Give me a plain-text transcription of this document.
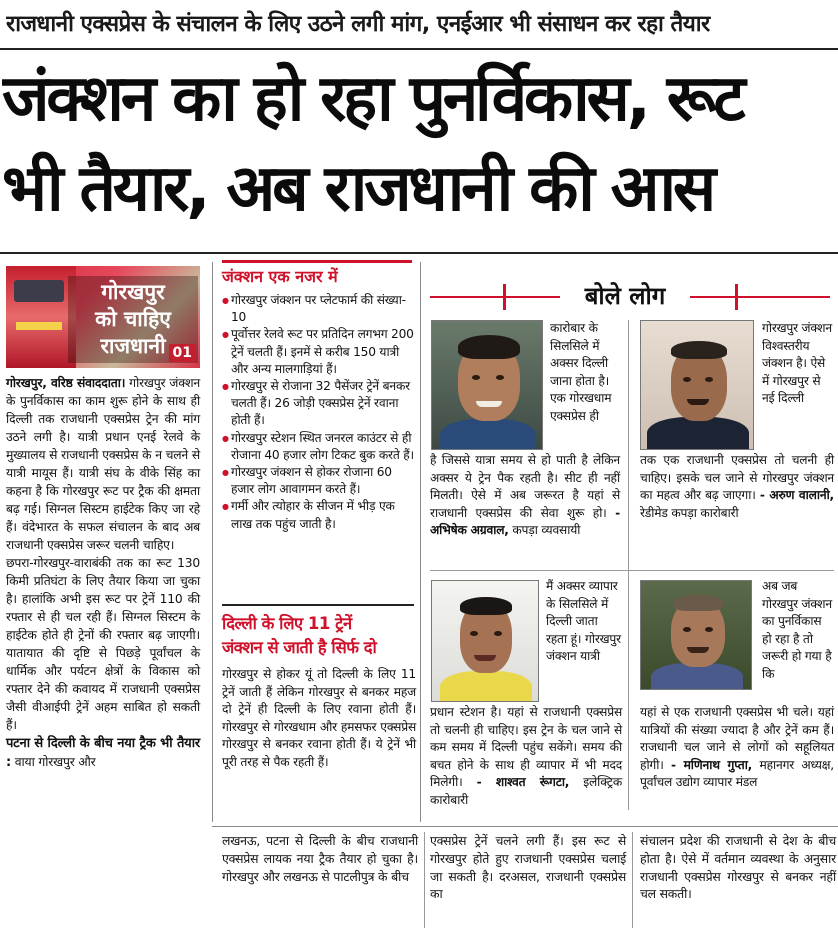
राजधानी एक्सप्रेस के संचालन के लिए उठने लगी मांग, एनईआर भी संसाधन कर रहा तैयार
जंक्शन का हो रहा पुनर्विकास, रूट
भी तैयार, अब राजधानी की आस
गोरखपुर
को चाहिए
राजधानी 01

गोरखपुर, वरिष्ठ संवाददाता। गोरखपुर जंक्शन के पुनर्विकास का काम शुरू होने के साथ ही दिल्ली तक राजधानी एक्सप्रेस ट्रेन की मांग उठने लगी है। यात्री प्रधान एनई रेलवे के मुख्यालय से राजधानी एक्सप्रेस के न चलने से यात्री मायूस हैं। यात्री संघ के वीके सिंह का कहना है कि गोरखपुर रूट पर ट्रैक की क्षमता बढ़ गई। सिग्नल सिस्टम हाईटेक किए जा रहे हैं। वंदेभारत के सफल संचालन के बाद अब राजधानी एक्सप्रेस जरूर चलनी चाहिए।

छपरा-गोरखपुर-वाराबंकी तक का रूट 130 किमी प्रतिघंटा के लिए तैयार किया जा चुका है। हालांकि अभी इस रूट पर ट्रेनें 110 की रफ्तार से ही चल रही हैं। सिग्नल सिस्टम के हाईटेक होते ही ट्रेनों की रफ्तार बढ़ जाएगी। यातायात की दृष्टि से पिछड़े पूर्वांचल के धार्मिक और पर्यटन क्षेत्रों के विकास को रफ्तार देने की कवायद में राजधानी एक्सप्रेस जैसी वीआईपी ट्रेनें अहम साबित हो सकती हैं।

पटना से दिल्ली के बीच नया ट्रैक भी तैयार : वाया गोरखपुर और

जंक्शन एक नजर में
● गोरखपुर जंक्शन पर प्लेटफार्म की संख्या- 10
● पूर्वोत्तर रेलवे रूट पर प्रतिदिन लगभग 200 ट्रेनें चलती हैं। इनमें से करीब 150 यात्री और अन्य मालगाड़ियां हैं।
● गोरखपुर से रोजाना 32 पैसेंजर ट्रेनें बनकर चलती हैं। 26 जोड़ी एक्सप्रेस ट्रेनें रवाना होती हैं।
● गोरखपुर स्टेशन स्थित जनरल काउंटर से ही रोजाना 40 हजार लोग टिकट बुक करते हैं।
● गोरखपुर जंक्शन से होकर रोजाना 60 हजार लोग आवागमन करते हैं।
● गर्मी और त्योहार के सीजन में भीड़ एक लाख तक पहुंच जाती है।
दिल्ली के लिए 11 ट्रेनें
जंक्शन से जाती है सिर्फ दो
गोरखपुर से होकर यूं तो दिल्ली के लिए 11 ट्रेनें जाती हैं लेकिन गोरखपुर से बनकर महज दो ट्रेनें ही दिल्ली के लिए रवाना होती हैं। गोरखपुर से गोरखधाम और हमसफर एक्सप्रेस गोरखपुर से बनकर रवाना होती हैं। ये ट्रेनें भी पूरी तरह से पैक रहती हैं।
बोले लोग
कारोबार के सिलसिले में अक्सर दिल्ली जाना होता है। एक गोरखधाम एक्सप्रेस ही
है जिससे यात्रा समय से हो पाती है लेकिन अक्सर ये ट्रेन पैक रहती है। सीट ही नहीं मिलती। ऐसे में अब जरूरत है यहां से राजधानी एक्सप्रेस की सेवा शुरू हो। - अभिषेक अग्रवाल, कपड़ा व्यवसायी
गोरखपुर जंक्शन विश्वस्तरीय जंक्शन है। ऐसे में गोरखपुर से नई दिल्ली
तक एक राजधानी एक्सप्रेस तो चलनी ही चाहिए। इसके चल जाने से गोरखपुर जंक्शन का महत्व और बढ़ जाएगा। - अरुण वालानी, रेडीमेड कपड़ा कारोबारी
मैं अक्सर व्यापार के सिलसिले में दिल्ली जाता रहता हूं। गोरखपुर जंक्शन यात्री
प्रधान स्टेशन है। यहां से राजधानी एक्सप्रेस तो चलनी ही चाहिए। इस ट्रेन के चल जाने से कम समय में दिल्ली पहुंच सकेंगे। समय की बचत होने के साथ ही व्यापार में भी मदद मिलेगी। - शाश्वत रूंगटा, इलेक्ट्रिक कारोबारी
अब जब गोरखपुर जंक्शन का पुनर्विकास हो रहा है तो जरूरी हो गया है कि
यहां से एक राजधानी एक्सप्रेस भी चले। यहां यात्रियों की संख्या ज्यादा है और ट्रेनें कम हैं। राजधानी चल जाने से लोगों को सहूलियत होगी। - मणिनाथ गुप्ता, महानगर अध्यक्ष, पूर्वांचल उद्योग व्यापार मंडल
लखनऊ, पटना से दिल्ली के बीच राजधानी एक्सप्रेस लायक नया ट्रैक तैयार हो चुका है। गोरखपुर और लखनऊ से पाटलीपुत्र के बीच
एक्सप्रेस ट्रेनें चलने लगी हैं। इस रूट से गोरखपुर होते हुए राजधानी एक्सप्रेस चलाई जा सकती है। दरअसल, राजधानी एक्सप्रेस का
संचालन प्रदेश की राजधानी से देश के बीच होता है। ऐसे में वर्तमान व्यवस्था के अनुसार राजधानी एक्सप्रेस गोरखपुर से बनकर नहीं चल सकती।
